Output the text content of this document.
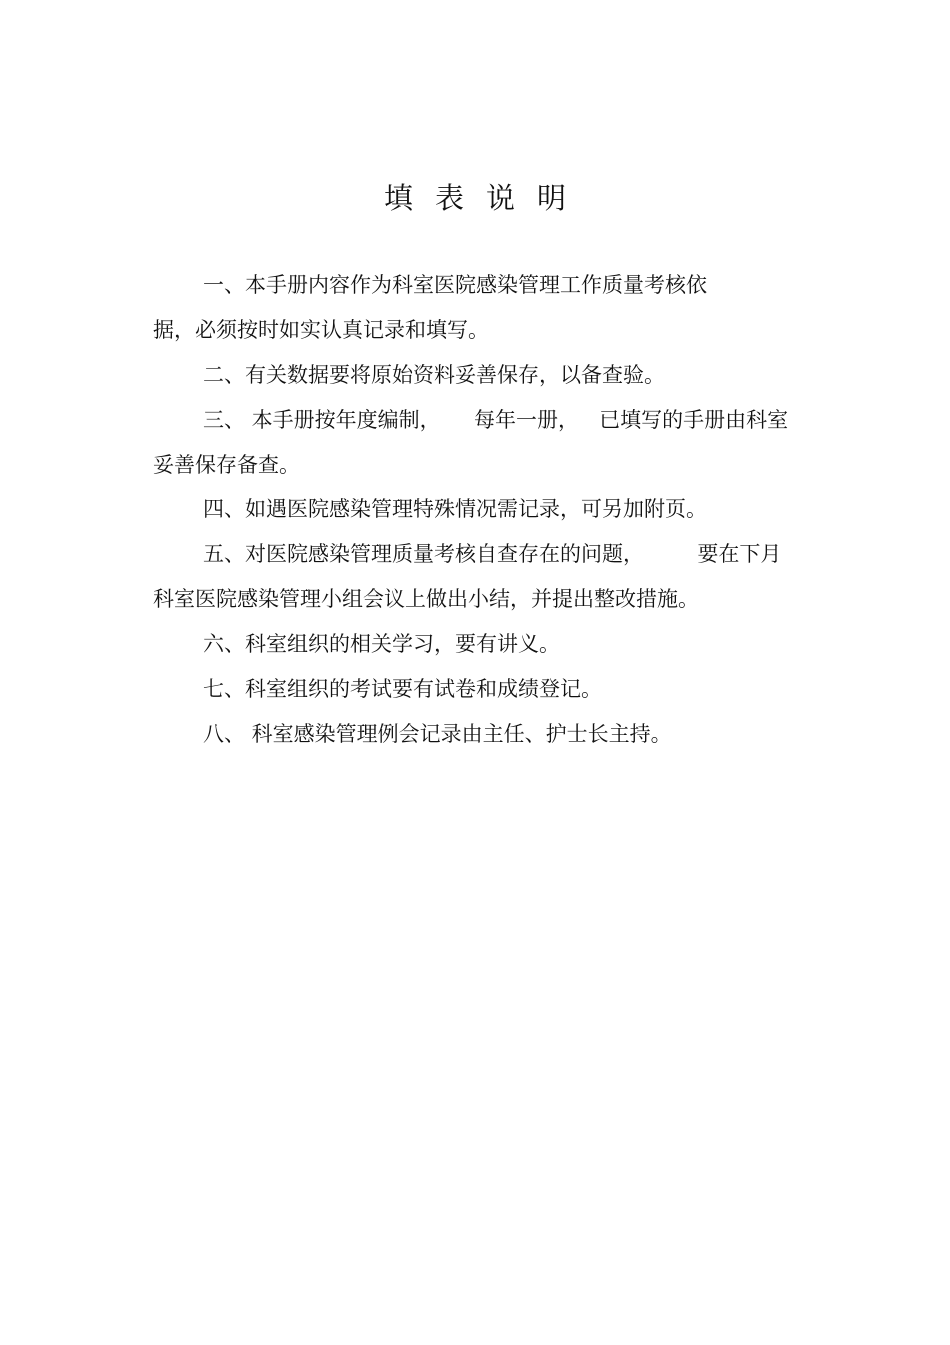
填表说明

一、本手册内容作为科室医院感染管理工作质量考核依

据，必须按时如实认真记录和填写。

二、有关数据要将原始资料妥善保存，以备查验。

三、 本手册按年度编制，     每年一册，   已填写的手册由科室

妥善保存备查。

四、如遇医院感染管理特殊情况需记录，可另加附页。

五、对医院感染管理质量考核自查存在的问题，        要在下月

科室医院感染管理小组会议上做出小结，并提出整改措施。

六、科室组织的相关学习，要有讲义。

七、科室组织的考试要有试卷和成绩登记。

八、 科室感染管理例会记录由主任、护士长主持。
